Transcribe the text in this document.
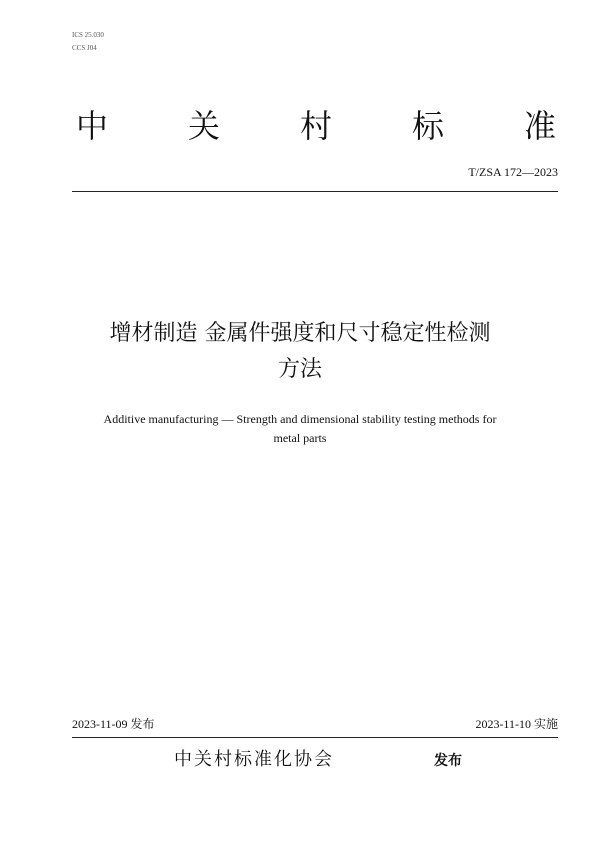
ICS 25.030
CCS J04
中 关 村 标 准
T/ZSA 172—2023
增材制造 金属件强度和尺寸稳定性检测
方法
Additive manufacturing — Strength and dimensional stability testing methods for
metal parts
2023-11-09 发布	2023-11-10 实施
中关村标准化协会	发布
